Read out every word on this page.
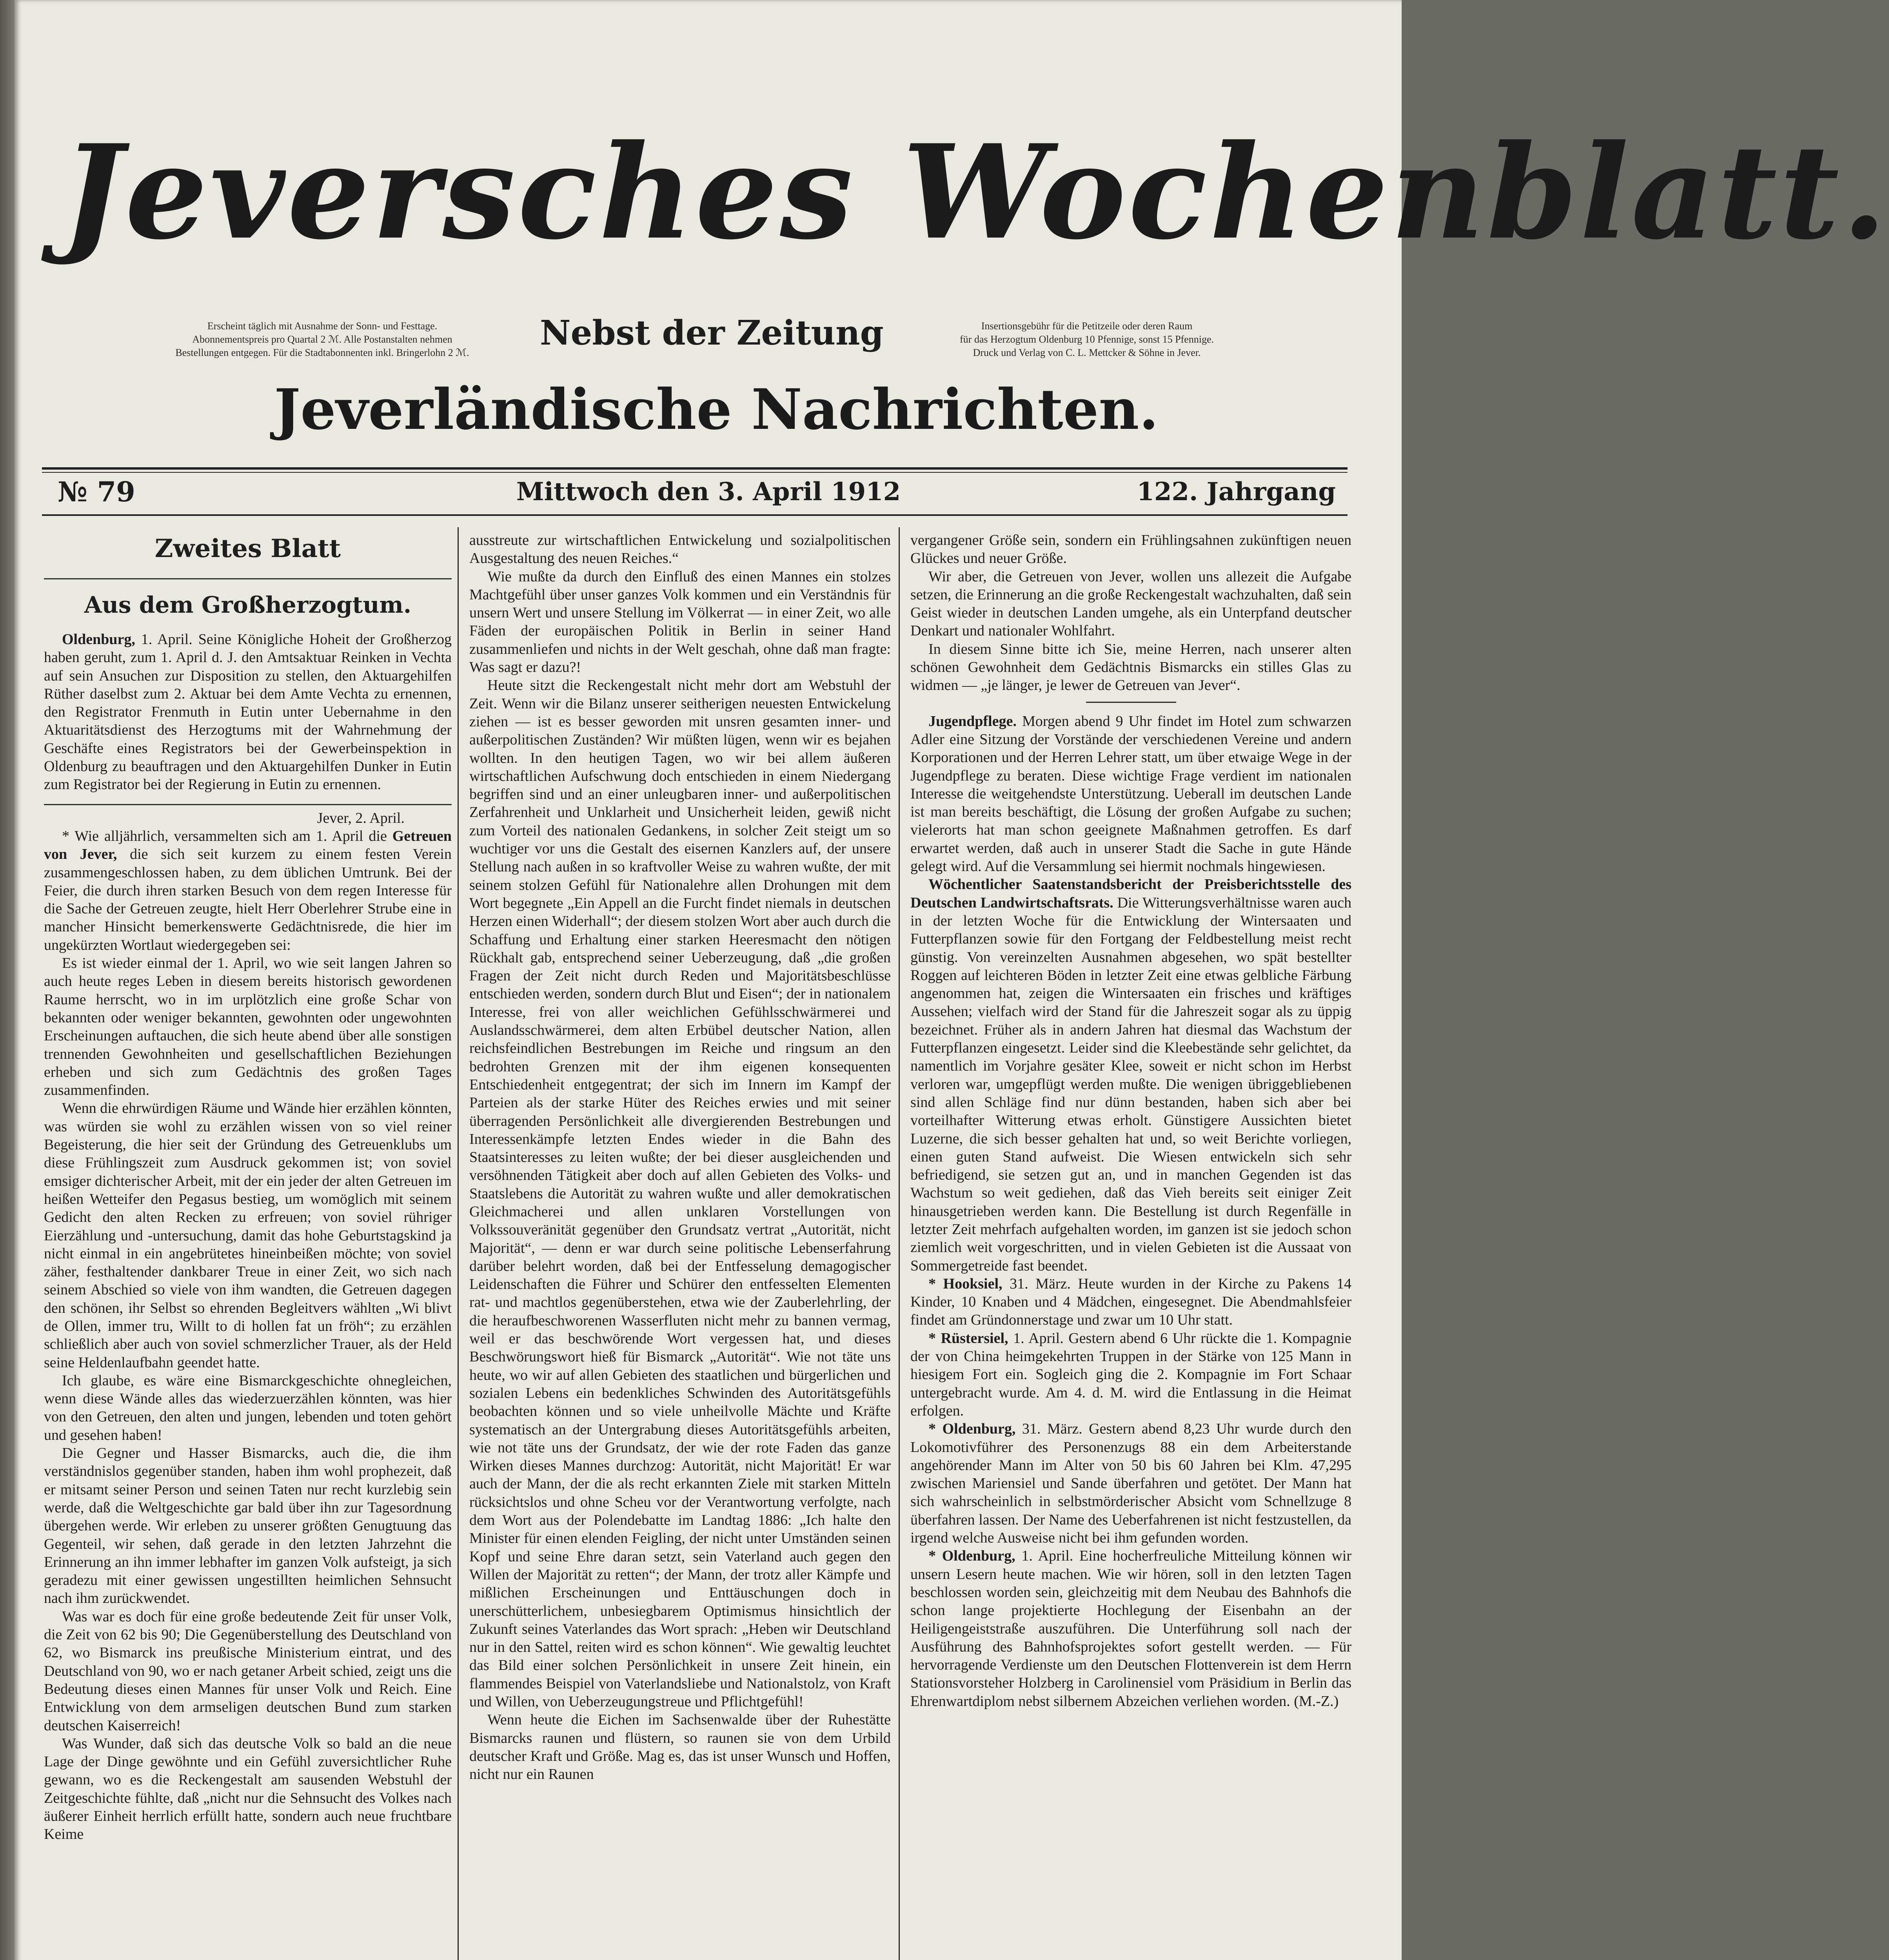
Jeversches Wochenblatt.
Erscheint täglich mit Ausnahme der Sonn- und Festtage.
Abonnementspreis pro Quartal 2 ℳ. Alle Postanstalten nehmen
Bestellungen entgegen. Für die Stadtabonnenten inkl. Bringerlohn 2 ℳ.	Nebst der Zeitung	Insertionsgebühr für die Petitzeile oder deren Raum
für das Herzogtum Oldenburg 10 Pfennige, sonst 15 Pfennige.
Druck und Verlag von C. L. Mettcker & Söhne in Jever.
Jeverländische Nachrichten.
№ 79	Mittwoch den 3. April 1912	122. Jahrgang
Zweites Blatt
Aus dem Großherzogtum.

Oldenburg, 1. April. Seine Königliche Hoheit der Großherzog haben geruht, zum 1. April d. J. den Amtsaktuar Reinken in Vechta auf sein Ansuchen zur Disposition zu stellen, den Aktuargehilfen Rüther daselbst zum 2. Aktuar bei dem Amte Vechta zu ernennen, den Registrator Frenmuth in Eutin unter Uebernahme in den Aktuaritätsdienst des Herzogtums mit der Wahrnehmung der Geschäfte eines Registrators bei der Gewerbeinspektion in Oldenburg zu beauftragen und den Aktuargehilfen Dunker in Eutin zum Registrator bei der Regierung in Eutin zu ernennen.

Jever, 2. April.

* Wie alljährlich, versammelten sich am 1. April die Getreuen von Jever, die sich seit kurzem zu einem festen Verein zusammengeschlossen haben, zu dem üblichen Umtrunk. Bei der Feier, die durch ihren starken Besuch von dem regen Interesse für die Sache der Getreuen zeugte, hielt Herr Oberlehrer Strube eine in mancher Hinsicht bemerkenswerte Gedächtnisrede, die hier im ungekürzten Wortlaut wiedergegeben sei:

Es ist wieder einmal der 1. April, wo wie seit langen Jahren so auch heute reges Leben in diesem bereits historisch gewordenen Raume herrscht, wo in im urplötzlich eine große Schar von bekannten oder weniger bekannten, gewohnten oder ungewohnten Erscheinungen auftauchen, die sich heute abend über alle sonstigen trennenden Gewohnheiten und gesellschaftlichen Beziehungen erheben und sich zum Gedächtnis des großen Tages zusammenfinden.

Wenn die ehrwürdigen Räume und Wände hier erzählen könnten, was würden sie wohl zu erzählen wissen von so viel reiner Begeisterung, die hier seit der Gründung des Getreuenklubs um diese Frühlingszeit zum Ausdruck gekommen ist; von soviel emsiger dichterischer Arbeit, mit der ein jeder der alten Getreuen im heißen Wetteifer den Pegasus bestieg, um womöglich mit seinem Gedicht den alten Recken zu erfreuen; von soviel rühriger Eierzählung und -untersuchung, damit das hohe Geburtstagskind ja nicht einmal in ein angebrütetes hineinbeißen möchte; von soviel zäher, festhaltender dankbarer Treue in einer Zeit, wo sich nach seinem Abschied so viele von ihm wandten, die Getreuen dagegen den schönen, ihr Selbst so ehrenden Begleitvers wählten „Wi blivt de Ollen, immer tru, Willt to di hollen fat un fröh“; zu erzählen schließlich aber auch von soviel schmerzlicher Trauer, als der Held seine Heldenlaufbahn geendet hatte.

Ich glaube, es wäre eine Bismarckgeschichte ohnegleichen, wenn diese Wände alles das wiederzuerzählen könnten, was hier von den Getreuen, den alten und jungen, lebenden und toten gehört und gesehen haben!

Die Gegner und Hasser Bismarcks, auch die, die ihm verständnislos gegenüber standen, haben ihm wohl prophezeit, daß er mitsamt seiner Person und seinen Taten nur recht kurzlebig sein werde, daß die Weltgeschichte gar bald über ihn zur Tagesordnung übergehen werde. Wir erleben zu unserer größten Genugtuung das Gegenteil, wir sehen, daß gerade in den letzten Jahrzehnt die Erinnerung an ihn immer lebhafter im ganzen Volk aufsteigt, ja sich geradezu mit einer gewissen ungestillten heimlichen Sehnsucht nach ihm zurückwendet.

Was war es doch für eine große bedeutende Zeit für unser Volk, die Zeit von 62 bis 90; Die Gegenüberstellung des Deutschland von 62, wo Bismarck ins preußische Ministerium eintrat, und des Deutschland von 90, wo er nach getaner Arbeit schied, zeigt uns die Bedeutung dieses einen Mannes für unser Volk und Reich. Eine Entwicklung von dem armseligen deutschen Bund zum starken deutschen Kaiserreich!

Was Wunder, daß sich das deutsche Volk so bald an die neue Lage der Dinge gewöhnte und ein Gefühl zuversichtlicher Ruhe gewann, wo es die Reckengestalt am sausenden Webstuhl der Zeitgeschichte fühlte, daß „nicht nur die Sehnsucht des Volkes nach äußerer Einheit herrlich erfüllt hatte, sondern auch neue fruchtbare Keime

ausstreute zur wirtschaftlichen Entwickelung und sozialpolitischen Ausgestaltung des neuen Reiches.“

Wie mußte da durch den Einfluß des einen Mannes ein stolzes Machtgefühl über unser ganzes Volk kommen und ein Verständnis für unsern Wert und unsere Stellung im Völkerrat — in einer Zeit, wo alle Fäden der europäischen Politik in Berlin in seiner Hand zusammenliefen und nichts in der Welt geschah, ohne daß man fragte: Was sagt er dazu?!

Heute sitzt die Reckengestalt nicht mehr dort am Webstuhl der Zeit. Wenn wir die Bilanz unserer seitherigen neuesten Entwickelung ziehen — ist es besser geworden mit unsren gesamten inner- und außerpolitischen Zuständen? Wir müßten lügen, wenn wir es bejahen wollten. In den heutigen Tagen, wo wir bei allem äußeren wirtschaftlichen Aufschwung doch entschieden in einem Niedergang begriffen sind und an einer unleugbaren inner- und außerpolitischen Zerfahrenheit und Unklarheit und Unsicherheit leiden, gewiß nicht zum Vorteil des nationalen Gedankens, in solcher Zeit steigt um so wuchtiger vor uns die Gestalt des eisernen Kanzlers auf, der unsere Stellung nach außen in so kraftvoller Weise zu wahren wußte, der mit seinem stolzen Gefühl für Nationalehre allen Drohungen mit dem Wort begegnete „Ein Appell an die Furcht findet niemals in deutschen Herzen einen Widerhall“; der diesem stolzen Wort aber auch durch die Schaffung und Erhaltung einer starken Heeresmacht den nötigen Rückhalt gab, entsprechend seiner Ueberzeugung, daß „die großen Fragen der Zeit nicht durch Reden und Majoritätsbeschlüsse entschieden werden, sondern durch Blut und Eisen“; der in nationalem Interesse, frei von aller weichlichen Gefühlsschwärmerei und Auslandsschwärmerei, dem alten Erbübel deutscher Nation, allen reichsfeindlichen Bestrebungen im Reiche und ringsum an den bedrohten Grenzen mit der ihm eigenen konsequenten Entschiedenheit entgegentrat; der sich im Innern im Kampf der Parteien als der starke Hüter des Reiches erwies und mit seiner überragenden Persönlichkeit alle divergierenden Bestrebungen und Interessenkämpfe letzten Endes wieder in die Bahn des Staatsinteresses zu leiten wußte; der bei dieser ausgleichenden und versöhnenden Tätigkeit aber doch auf allen Gebieten des Volks- und Staatslebens die Autorität zu wahren wußte und aller demokratischen Gleichmacherei und allen unklaren Vorstellungen von Volkssouveränität gegenüber den Grundsatz vertrat „Autorität, nicht Majorität“, — denn er war durch seine politische Lebenserfahrung darüber belehrt worden, daß bei der Entfesselung demagogischer Leidenschaften die Führer und Schürer den entfesselten Elementen rat- und machtlos gegenüberstehen, etwa wie der Zauberlehrling, der die heraufbeschworenen Wasserfluten nicht mehr zu bannen vermag, weil er das beschwörende Wort vergessen hat, und dieses Beschwörungswort hieß für Bismarck „Autorität“. Wie not täte uns heute, wo wir auf allen Gebieten des staatlichen und bürgerlichen und sozialen Lebens ein bedenkliches Schwinden des Autoritätsgefühls beobachten können und so viele unheilvolle Mächte und Kräfte systematisch an der Untergrabung dieses Autoritätsgefühls arbeiten, wie not täte uns der Grundsatz, der wie der rote Faden das ganze Wirken dieses Mannes durchzog: Autorität, nicht Majorität! Er war auch der Mann, der die als recht erkannten Ziele mit starken Mitteln rücksichtslos und ohne Scheu vor der Verantwortung verfolgte, nach dem Wort aus der Polendebatte im Landtag 1886: „Ich halte den Minister für einen elenden Feigling, der nicht unter Umständen seinen Kopf und seine Ehre daran setzt, sein Vaterland auch gegen den Willen der Majorität zu retten“; der Mann, der trotz aller Kämpfe und mißlichen Erscheinungen und Enttäuschungen doch in unerschütterlichem, unbesiegbarem Optimismus hinsichtlich der Zukunft seines Vaterlandes das Wort sprach: „Heben wir Deutschland nur in den Sattel, reiten wird es schon können“. Wie gewaltig leuchtet das Bild einer solchen Persönlichkeit in unsere Zeit hinein, ein flammendes Beispiel von Vaterlandsliebe und Nationalstolz, von Kraft und Willen, von Ueberzeugungstreue und Pflichtgefühl!

Wenn heute die Eichen im Sachsenwalde über der Ruhestätte Bismarcks raunen und flüstern, so raunen sie von dem Urbild deutscher Kraft und Größe. Mag es, das ist unser Wunsch und Hoffen, nicht nur ein Raunen

vergangener Größe sein, sondern ein Frühlingsahnen zukünftigen neuen Glückes und neuer Größe.

Wir aber, die Getreuen von Jever, wollen uns allezeit die Aufgabe setzen, die Erinnerung an die große Reckengestalt wachzuhalten, daß sein Geist wieder in deutschen Landen umgehe, als ein Unterpfand deutscher Denkart und nationaler Wohlfahrt.

In diesem Sinne bitte ich Sie, meine Herren, nach unserer alten schönen Gewohnheit dem Gedächtnis Bismarcks ein stilles Glas zu widmen — „je länger, je lewer de Getreuen van Jever“.

Jugendpflege. Morgen abend 9 Uhr findet im Hotel zum schwarzen Adler eine Sitzung der Vorstände der verschiedenen Vereine und andern Korporationen und der Herren Lehrer statt, um über etwaige Wege in der Jugendpflege zu beraten. Diese wichtige Frage verdient im nationalen Interesse die weitgehendste Unterstützung. Ueberall im deutschen Lande ist man bereits beschäftigt, die Lösung der großen Aufgabe zu suchen; vielerorts hat man schon geeignete Maßnahmen getroffen. Es darf erwartet werden, daß auch in unserer Stadt die Sache in gute Hände gelegt wird. Auf die Versammlung sei hiermit nochmals hingewiesen.

Wöchentlicher Saatenstandsbericht der Preisberichtsstelle des Deutschen Landwirtschaftsrats. Die Witterungsverhältnisse waren auch in der letzten Woche für die Entwicklung der Wintersaaten und Futterpflanzen sowie für den Fortgang der Feldbestellung meist recht günstig. Von vereinzelten Ausnahmen abgesehen, wo spät bestellter Roggen auf leichteren Böden in letzter Zeit eine etwas gelbliche Färbung angenommen hat, zeigen die Wintersaaten ein frisches und kräftiges Aussehen; vielfach wird der Stand für die Jahreszeit sogar als zu üppig bezeichnet. Früher als in andern Jahren hat diesmal das Wachstum der Futterpflanzen eingesetzt. Leider sind die Kleebestände sehr gelichtet, da namentlich im Vorjahre gesäter Klee, soweit er nicht schon im Herbst verloren war, umgepflügt werden mußte. Die wenigen übriggebliebenen sind allen Schläge find nur dünn bestanden, haben sich aber bei vorteilhafter Witterung etwas erholt. Günstigere Aussichten bietet Luzerne, die sich besser gehalten hat und, so weit Berichte vorliegen, einen guten Stand aufweist. Die Wiesen entwickeln sich sehr befriedigend, sie setzen gut an, und in manchen Gegenden ist das Wachstum so weit gediehen, daß das Vieh bereits seit einiger Zeit hinausgetrieben werden kann. Die Bestellung ist durch Regenfälle in letzter Zeit mehrfach aufgehalten worden, im ganzen ist sie jedoch schon ziemlich weit vorgeschritten, und in vielen Gebieten ist die Aussaat von Sommergetreide fast beendet.

* Hooksiel, 31. März. Heute wurden in der Kirche zu Pakens 14 Kinder, 10 Knaben und 4 Mädchen, eingesegnet. Die Abendmahlsfeier findet am Gründonnerstage und zwar um 10 Uhr statt.

* Rüstersiel, 1. April. Gestern abend 6 Uhr rückte die 1. Kompagnie der von China heimgekehrten Truppen in der Stärke von 125 Mann in hiesigem Fort ein. Sogleich ging die 2. Kompagnie im Fort Schaar untergebracht wurde. Am 4. d. M. wird die Entlassung in die Heimat erfolgen.

* Oldenburg, 31. März. Gestern abend 8,23 Uhr wurde durch den Lokomotivführer des Personenzugs 88 ein dem Arbeiterstande angehörender Mann im Alter von 50 bis 60 Jahren bei Klm. 47,295 zwischen Mariensiel und Sande überfahren und getötet. Der Mann hat sich wahrscheinlich in selbstmörderischer Absicht vom Schnellzuge 8 überfahren lassen. Der Name des Ueberfahrenen ist nicht festzustellen, da irgend welche Ausweise nicht bei ihm gefunden worden.

* Oldenburg, 1. April. Eine hocherfreuliche Mitteilung können wir unsern Lesern heute machen. Wie wir hören, soll in den letzten Tagen beschlossen worden sein, gleichzeitig mit dem Neubau des Bahnhofs die schon lange projektierte Hochlegung der Eisenbahn an der Heiligengeiststraße auszuführen. Die Unterführung soll nach der Ausführung des Bahnhofsprojektes sofort gestellt werden. — Für hervorragende Verdienste um den Deutschen Flottenverein ist dem Herrn Stationsvorsteher Holzberg in Carolinensiel vom Präsidium in Berlin das Ehrenwartdiplom nebst silbernem Abzeichen verliehen worden. (M.-Z.)
